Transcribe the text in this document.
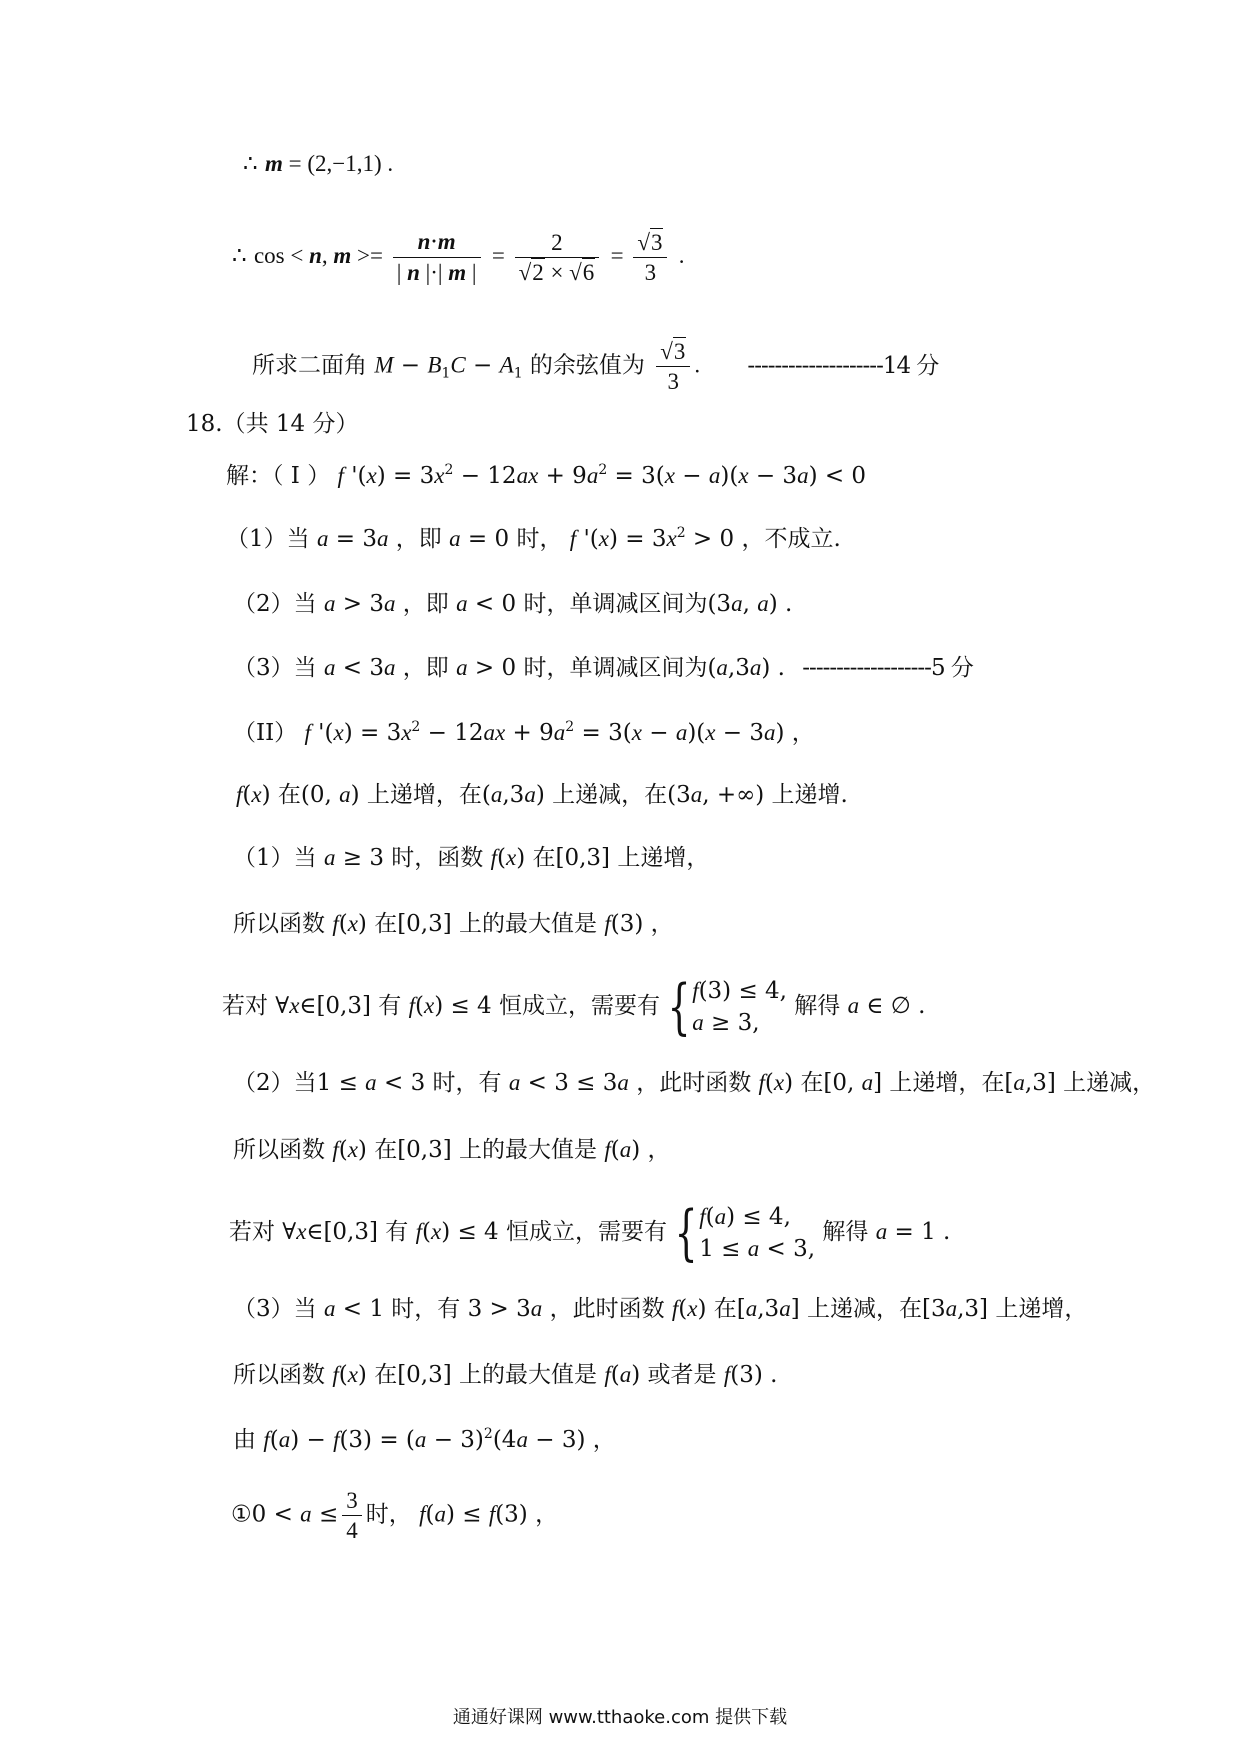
∴ m = (2,−1,1) .
∴ cos < n, $m >= \frac{n\cdot m}{| n |\cdot| m |} = \frac{2}{√2 \times √6} = \frac{√3}{3}$ .
所求二面角 $M - B_1C - A_1$ 的余弦值为 $\frac{√3}{3}$ . --------------------14 分
18.（共 14 分）
解：（ I ） f '$(x) = 3x^2 - 12ax + 9a^2 = 3(x - a)(x - 3a) < 0$
（1）当 a = 3a ，即 a = 0 时， f '$(x) = 3x^2 > 0$ ，不成立.
（2）当 a > 3a ，即 a < 0 时，单调减区间为(3a, a) .
（3）当 a < 3a ，即 a > 0 时，单调减区间为(a,3a) . -------------------5 分
（II） f '$(x) = 3x^2 - 12ax + 9a^2 = 3(x - a)(x - 3a)$ ，
f(x) 在(0, a) 上递增，在(a,3a) 上递减，在(3a, +∞) 上递增.
（1）当 a ≥ 3 时，函数 f(x) 在[0,3] 上递增，
所以函数 f(x) 在[0,3] 上的最大值是 f(3) ，
若对 ∀x∈[0,3] 有 f(x) ≤ 4 恒成立，需要有 { f(3) ≤ 4,
a ≥ 3,
解得 a ∈ ∅ .
（2）当1 ≤ a < 3 时，有 a < 3 ≤ 3a ，此时函数 f(x) 在[0, a] 上递增，在[a,3] 上递减，
所以函数 f(x) 在[0,3] 上的最大值是 f(a) ，
若对 ∀x∈[0,3] 有 f(x) ≤ 4 恒成立，需要有 { f(a) ≤ 4,
1 ≤ a < 3,
解得 a = 1 .
（3）当 a < 1 时，有 3 > 3a ，此时函数 f(x) 在[a,3a] 上递减，在[3a,3] 上递增，
所以函数 f(x) 在[0,3] 上的最大值是 f(a) 或者是 f(3) .
由 $f(a) - f(3) = (a - 3)^2(4a - 3)$ ，
①0 < $a \le \frac{3}{4}$ 时， f(a) ≤ f(3) ，
通通好课网 www.tthaoke.com 提供下载
